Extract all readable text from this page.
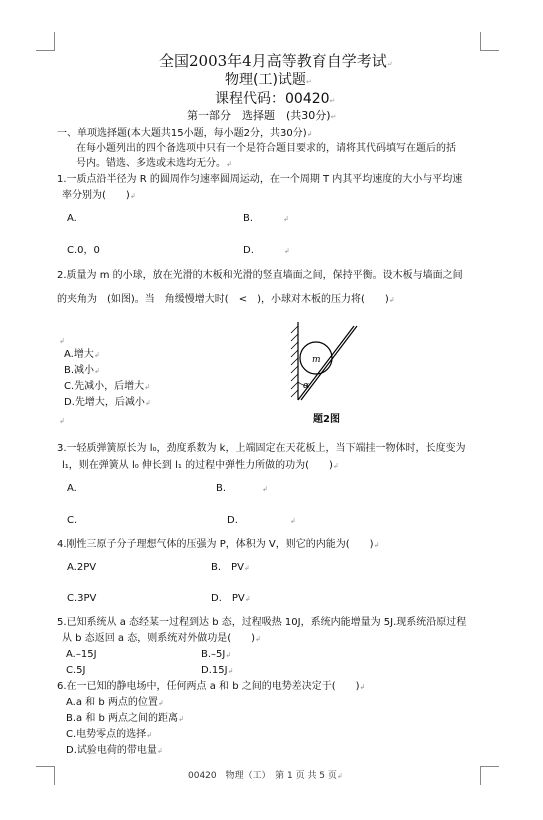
全国2003年4月高等教育自学考试↵
物理(工)试题↵
课程代码：00420↵
第一部分　选择题　(共30分)↵
一、单项选择题(本大题共15小题，每小题2分，共30分)↲
在每小题列出的四个备选项中只有一个是符合题目要求的，请将其代码填写在题后的括
号内。错选、多选或未选均无分。↲
1.一质点沿半径为 R 的圆周作匀速率圆周运动，在一个周期 T 内其平均速度的大小与平均速
率分别为(　　)↲
A.	B.	↲
C.0，0	D.	↲
2.质量为 m 的小球，放在光滑的木板和光滑的竖直墙面之间，保持平衡。设木板与墙面之间
的夹角为　(如图)。当　角缓慢增大时(　<　)，小球对木板的压力将(　　)↲
↲
A.增大↲
B.减小↲
C.先减小，后增大↲
D.先增大，后减小↲
↲
m
α
题2图
3.一轻质弹簧原长为 l₀，劲度系数为 k，上端固定在天花板上，当下端挂一物体时，长度变为
l₁，则在弹簧从 l₀ 伸长到 l₁ 的过程中弹性力所做的功为(　　)↲
A.	B.	↲
C.	D.	↲
4.刚性三原子分子理想气体的压强为 P，体积为 V，则它的内能为(　　)↲
A.2PV	B.　PV↲
C.3PV	D.　PV↲
5.已知系统从 a 态经某一过程到达 b 态，过程吸热 10J，系统内能增量为 5J.现系统沿原过程
从 b 态返回 a 态，则系统对外做功是(　　)↲
A.–15J	B.–5J↲
C.5J	D.15J↲
6.在一已知的静电场中，任何两点 a 和 b 之间的电势差决定于(　　)↲
A.a 和 b 两点的位置↲
B.a 和 b 两点之间的距离↲
C.电势零点的选择↲
D.试验电荷的带电量↲
00420　物理（工）　第 1 页 共 5 页↲
